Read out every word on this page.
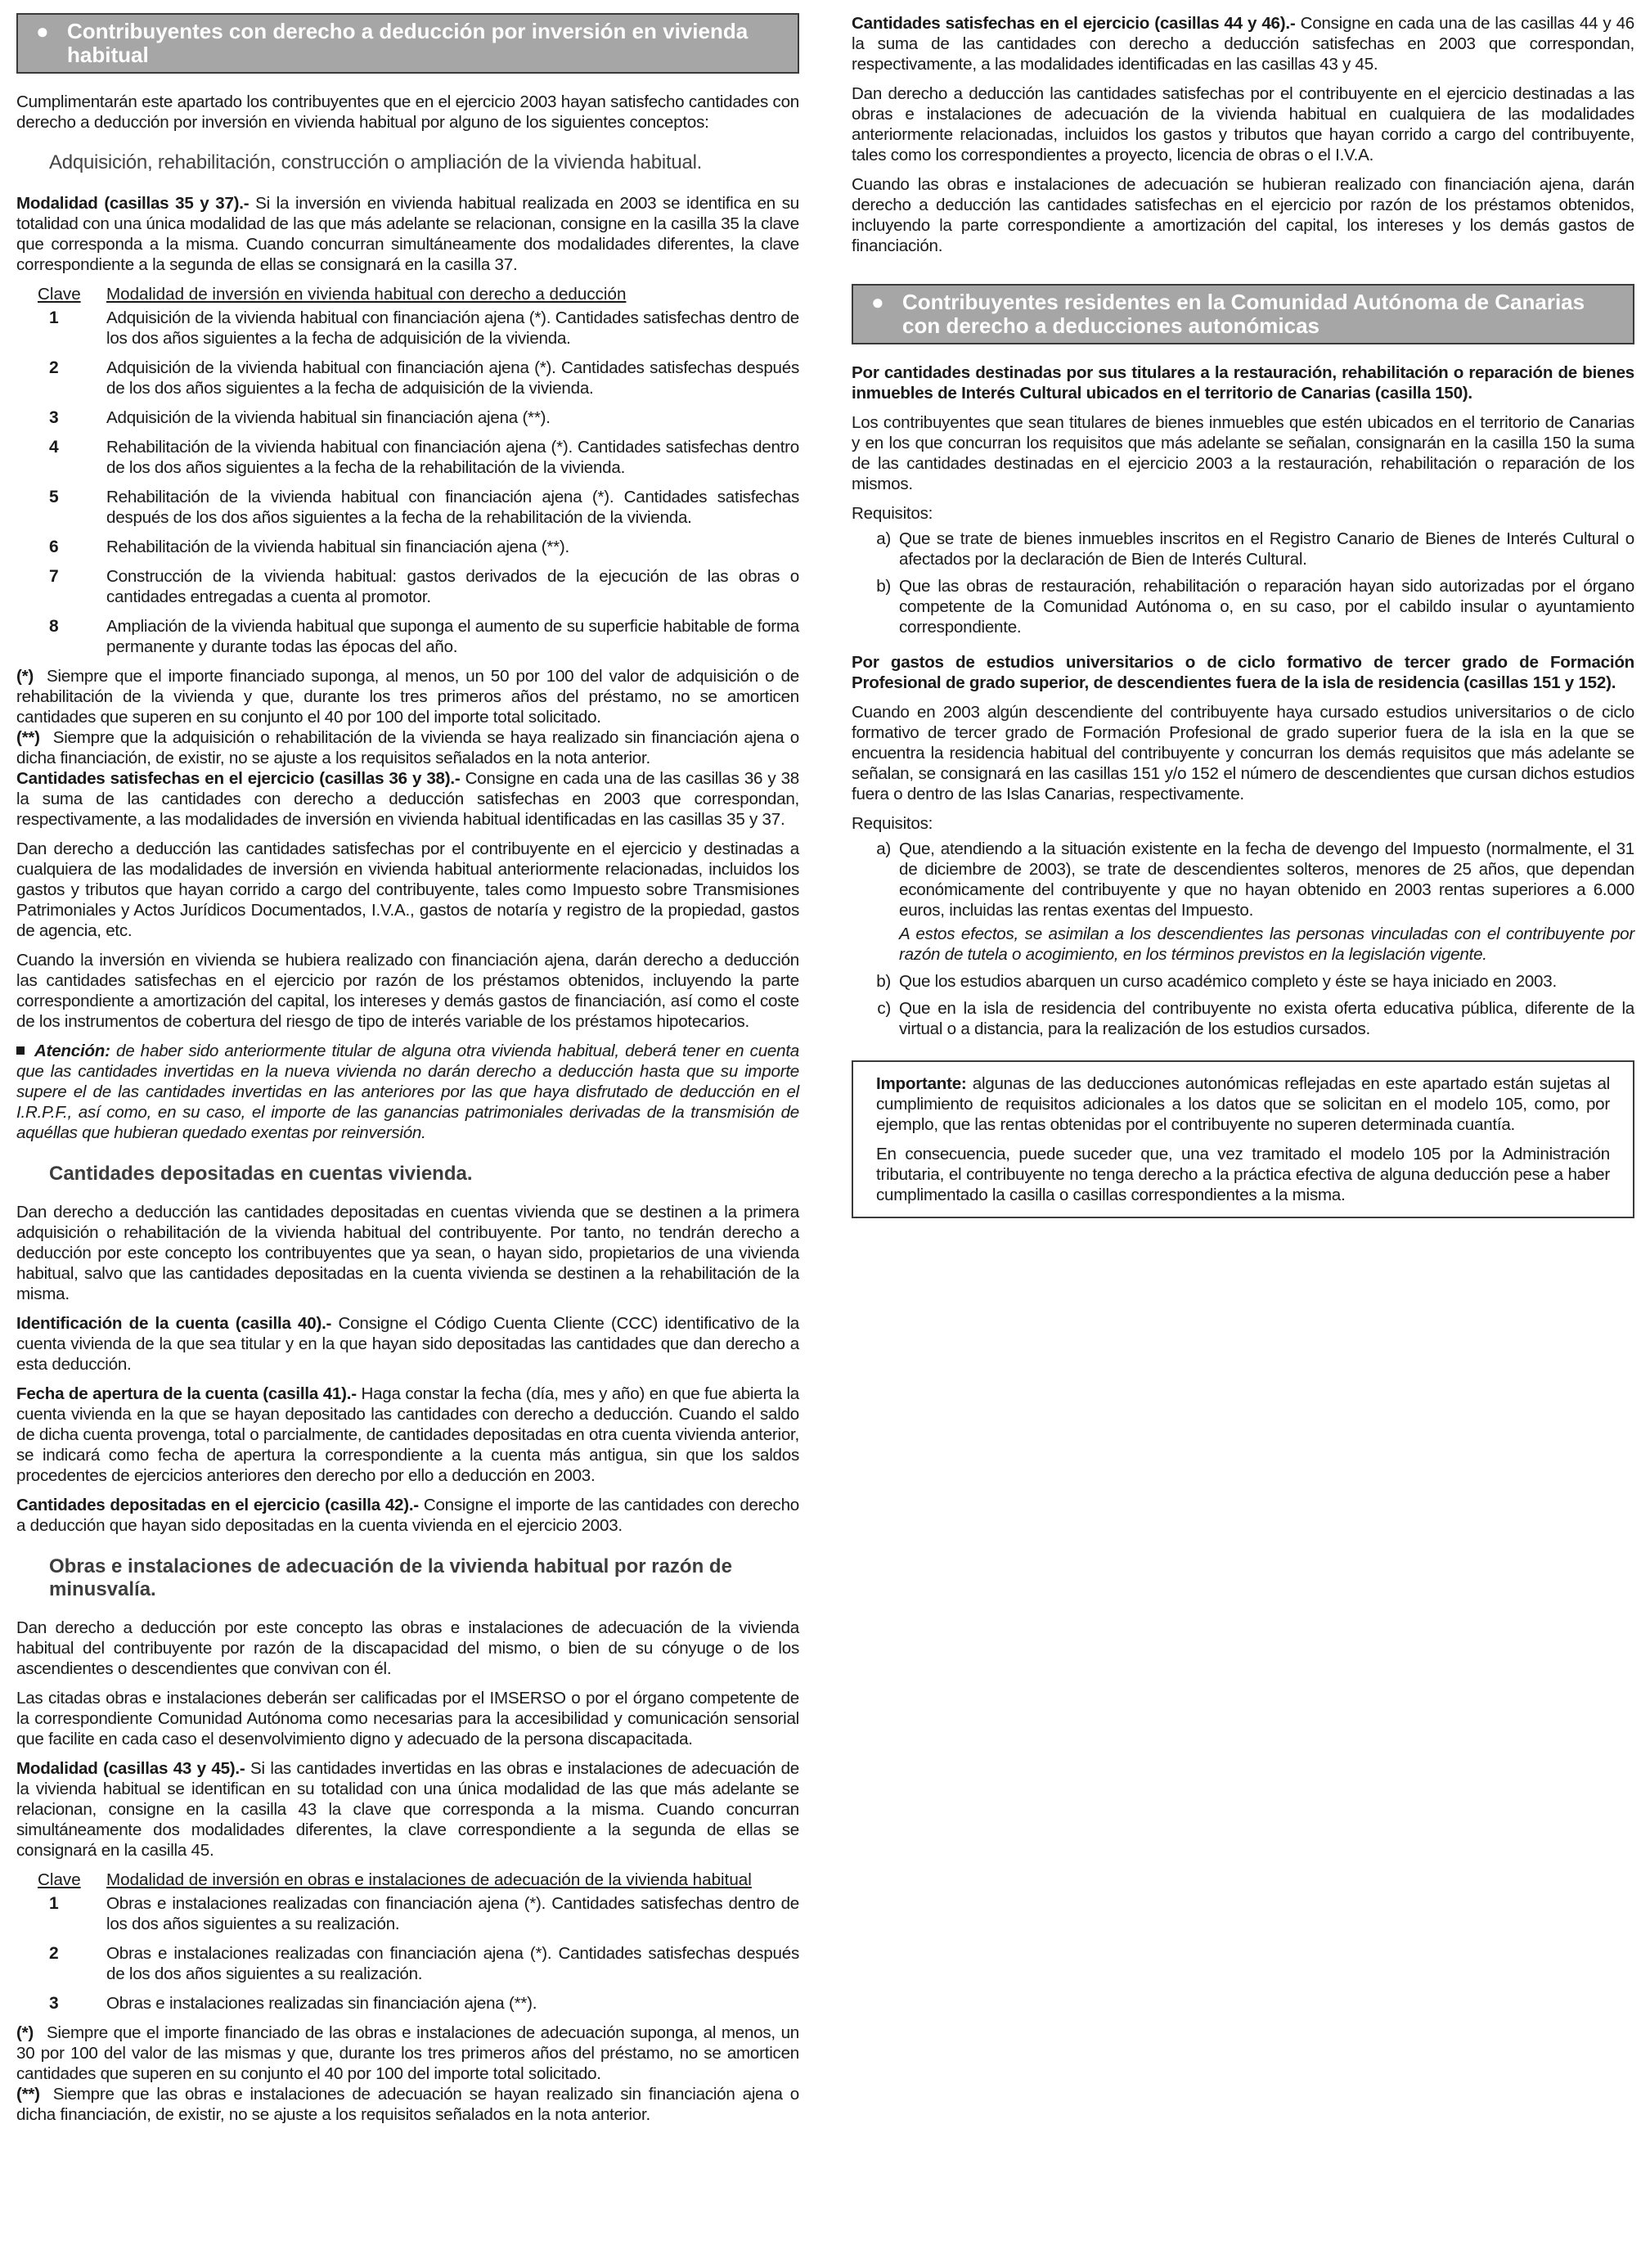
● Contribuyentes con derecho a deducción por inversión en vivienda habitual

Cumplimentarán este apartado los contribuyentes que en el ejercicio 2003 hayan satisfecho cantidades con derecho a deducción por inversión en vivienda habitual por alguno de los siguientes conceptos:

Adquisición, rehabilitación, construcción o ampliación de la vivienda habitual.

Modalidad (casillas 35 y 37).- Si la inversión en vivienda habitual realizada en 2003 se identifica en su totalidad con una única modalidad de las que más adelante se relacionan, consigne en la casilla 35 la clave que corresponda a la misma. Cuando concurran simultáneamente dos modalidades diferentes, la clave correspondiente a la segunda de ellas se consignará en la casilla 37.

Clave	Modalidad de inversión en vivienda habitual con derecho a deducción
1	Adquisición de la vivienda habitual con financiación ajena (*). Cantidades satisfechas dentro de los dos años siguientes a la fecha de adquisición de la vivienda.
2	Adquisición de la vivienda habitual con financiación ajena (*). Cantidades satisfechas después de los dos años siguientes a la fecha de adquisición de la vivienda.
3	Adquisición de la vivienda habitual sin financiación ajena (**).
4	Rehabilitación de la vivienda habitual con financiación ajena (*). Cantidades satisfechas dentro de los dos años siguientes a la fecha de la rehabilitación de la vivienda.
5	Rehabilitación de la vivienda habitual con financiación ajena (*). Cantidades satisfechas después de los dos años siguientes a la fecha de la rehabilitación de la vivienda.
6	Rehabilitación de la vivienda habitual sin financiación ajena (**).
7	Construcción de la vivienda habitual: gastos derivados de la ejecución de las obras o cantidades entregadas a cuenta al promotor.
8	Ampliación de la vivienda habitual que suponga el aumento de su superficie habitable de forma permanente y durante todas las épocas del año.

(*) Siempre que el importe financiado suponga, al menos, un 50 por 100 del valor de adquisición o de rehabilitación de la vivienda y que, durante los tres primeros años del préstamo, no se amorticen cantidades que superen en su conjunto el 40 por 100 del importe total solicitado.

(**) Siempre que la adquisición o rehabilitación de la vivienda se haya realizado sin financiación ajena o dicha financiación, de existir, no se ajuste a los requisitos señalados en la nota anterior.

Cantidades satisfechas en el ejercicio (casillas 36 y 38).- Consigne en cada una de las casillas 36 y 38 la suma de las cantidades con derecho a deducción satisfechas en 2003 que correspondan, respectivamente, a las modalidades de inversión en vivienda habitual identificadas en las casillas 35 y 37.

Dan derecho a deducción las cantidades satisfechas por el contribuyente en el ejercicio y destinadas a cualquiera de las modalidades de inversión en vivienda habitual anteriormente relacionadas, incluidos los gastos y tributos que hayan corrido a cargo del contribuyente, tales como Impuesto sobre Transmisiones Patrimoniales y Actos Jurídicos Documentados, I.V.A., gastos de notaría y registro de la propiedad, gastos de agencia, etc.

Cuando la inversión en vivienda se hubiera realizado con financiación ajena, darán derecho a deducción las cantidades satisfechas en el ejercicio por razón de los préstamos obtenidos, incluyendo la parte correspondiente a amortización del capital, los intereses y demás gastos de financiación, así como el coste de los instrumentos de cobertura del riesgo de tipo de interés variable de los préstamos hipotecarios.

Atención: de haber sido anteriormente titular de alguna otra vivienda habitual, deberá tener en cuenta que las cantidades invertidas en la nueva vivienda no darán derecho a deducción hasta que su importe supere el de las cantidades invertidas en las anteriores por las que haya disfrutado de deducción en el I.R.P.F., así como, en su caso, el importe de las ganancias patrimoniales derivadas de la transmisión de aquéllas que hubieran quedado exentas por reinversión.

Cantidades depositadas en cuentas vivienda.

Dan derecho a deducción las cantidades depositadas en cuentas vivienda que se destinen a la primera adquisición o rehabilitación de la vivienda habitual del contribuyente. Por tanto, no tendrán derecho a deducción por este concepto los contribuyentes que ya sean, o hayan sido, propietarios de una vivienda habitual, salvo que las cantidades depositadas en la cuenta vivienda se destinen a la rehabilitación de la misma.

Identificación de la cuenta (casilla 40).- Consigne el Código Cuenta Cliente (CCC) identificativo de la cuenta vivienda de la que sea titular y en la que hayan sido depositadas las cantidades que dan derecho a esta deducción.

Fecha de apertura de la cuenta (casilla 41).- Haga constar la fecha (día, mes y año) en que fue abierta la cuenta vivienda en la que se hayan depositado las cantidades con derecho a deducción. Cuando el saldo de dicha cuenta provenga, total o parcialmente, de cantidades depositadas en otra cuenta vivienda anterior, se indicará como fecha de apertura la correspondiente a la cuenta más antigua, sin que los saldos procedentes de ejercicios anteriores den derecho por ello a deducción en 2003.

Cantidades depositadas en el ejercicio (casilla 42).- Consigne el importe de las cantidades con derecho a deducción que hayan sido depositadas en la cuenta vivienda en el ejercicio 2003.

Obras e instalaciones de adecuación de la vivienda habitual por razón de minusvalía.

Dan derecho a deducción por este concepto las obras e instalaciones de adecuación de la vivienda habitual del contribuyente por razón de la discapacidad del mismo, o bien de su cónyuge o de los ascendientes o descendientes que convivan con él.

Las citadas obras e instalaciones deberán ser calificadas por el IMSERSO o por el órgano competente de la correspondiente Comunidad Autónoma como necesarias para la accesibilidad y comunicación sensorial que facilite en cada caso el desenvolvimiento digno y adecuado de la persona discapacitada.

Modalidad (casillas 43 y 45).- Si las cantidades invertidas en las obras e instalaciones de adecuación de la vivienda habitual se identifican en su totalidad con una única modalidad de las que más adelante se relacionan, consigne en la casilla 43 la clave que corresponda a la misma. Cuando concurran simultáneamente dos modalidades diferentes, la clave correspondiente a la segunda de ellas se consignará en la casilla 45.

Clave	Modalidad de inversión en obras e instalaciones de adecuación de la vivienda habitual
1	Obras e instalaciones realizadas con financiación ajena (*). Cantidades satisfechas dentro de los dos años siguientes a su realización.
2	Obras e instalaciones realizadas con financiación ajena (*). Cantidades satisfechas después de los dos años siguientes a su realización.
3	Obras e instalaciones realizadas sin financiación ajena (**).

(*) Siempre que el importe financiado de las obras e instalaciones de adecuación suponga, al menos, un 30 por 100 del valor de las mismas y que, durante los tres primeros años del préstamo, no se amorticen cantidades que superen en su conjunto el 40 por 100 del importe total solicitado.

(**) Siempre que las obras e instalaciones de adecuación se hayan realizado sin financiación ajena o dicha financiación, de existir, no se ajuste a los requisitos señalados en la nota anterior.

Cantidades satisfechas en el ejercicio (casillas 44 y 46).- Consigne en cada una de las casillas 44 y 46 la suma de las cantidades con derecho a deducción satisfechas en 2003 que correspondan, respectivamente, a las modalidades identificadas en las casillas 43 y 45.

Dan derecho a deducción las cantidades satisfechas por el contribuyente en el ejercicio destinadas a las obras e instalaciones de adecuación de la vivienda habitual en cualquiera de las modalidades anteriormente relacionadas, incluidos los gastos y tributos que hayan corrido a cargo del contribuyente, tales como los correspondientes a proyecto, licencia de obras o el I.V.A.

Cuando las obras e instalaciones de adecuación se hubieran realizado con financiación ajena, darán derecho a deducción las cantidades satisfechas en el ejercicio por razón de los préstamos obtenidos, incluyendo la parte correspondiente a amortización del capital, los intereses y los demás gastos de financiación.

● Contribuyentes residentes en la Comunidad Autónoma de Canarias con derecho a deducciones autonómicas

Por cantidades destinadas por sus titulares a la restauración, rehabilitación o reparación de bienes inmuebles de Interés Cultural ubicados en el territorio de Canarias (casilla 150).

Los contribuyentes que sean titulares de bienes inmuebles que estén ubicados en el territorio de Canarias y en los que concurran los requisitos que más adelante se señalan, consignarán en la casilla 150 la suma de las cantidades destinadas en el ejercicio 2003 a la restauración, rehabilitación o reparación de los mismos.

Requisitos:

a) Que se trate de bienes inmuebles inscritos en el Registro Canario de Bienes de Interés Cultural o afectados por la declaración de Bien de Interés Cultural.
b) Que las obras de restauración, rehabilitación o reparación hayan sido autorizadas por el órgano competente de la Comunidad Autónoma o, en su caso, por el cabildo insular o ayuntamiento correspondiente.

Por gastos de estudios universitarios o de ciclo formativo de tercer grado de Formación Profesional de grado superior, de descendientes fuera de la isla de residencia (casillas 151 y 152).

Cuando en 2003 algún descendiente del contribuyente haya cursado estudios universitarios o de ciclo formativo de tercer grado de Formación Profesional de grado superior fuera de la isla en la que se encuentra la residencia habitual del contribuyente y concurran los demás requisitos que más adelante se señalan, se consignará en las casillas 151 y/o 152 el número de descendientes que cursan dichos estudios fuera o dentro de las Islas Canarias, respectivamente.

Requisitos:

a) Que, atendiendo a la situación existente en la fecha de devengo del Impuesto (normalmente, el 31 de diciembre de 2003), se trate de descendientes solteros, menores de 25 años, que dependan económicamente del contribuyente y que no hayan obtenido en 2003 rentas superiores a 6.000 euros, incluidas las rentas exentas del Impuesto.
A estos efectos, se asimilan a los descendientes las personas vinculadas con el contribuyente por razón de tutela o acogimiento, en los términos previstos en la legislación vigente.
b) Que los estudios abarquen un curso académico completo y éste se haya iniciado en 2003.
c) Que en la isla de residencia del contribuyente no exista oferta educativa pública, diferente de la virtual o a distancia, para la realización de los estudios cursados.

Importante: algunas de las deducciones autonómicas reflejadas en este apartado están sujetas al cumplimiento de requisitos adicionales a los datos que se solicitan en el modelo 105, como, por ejemplo, que las rentas obtenidas por el contribuyente no superen determinada cuantía.

En consecuencia, puede suceder que, una vez tramitado el modelo 105 por la Administración tributaria, el contribuyente no tenga derecho a la práctica efectiva de alguna deducción pese a haber cumplimentado la casilla o casillas correspondientes a la misma.
